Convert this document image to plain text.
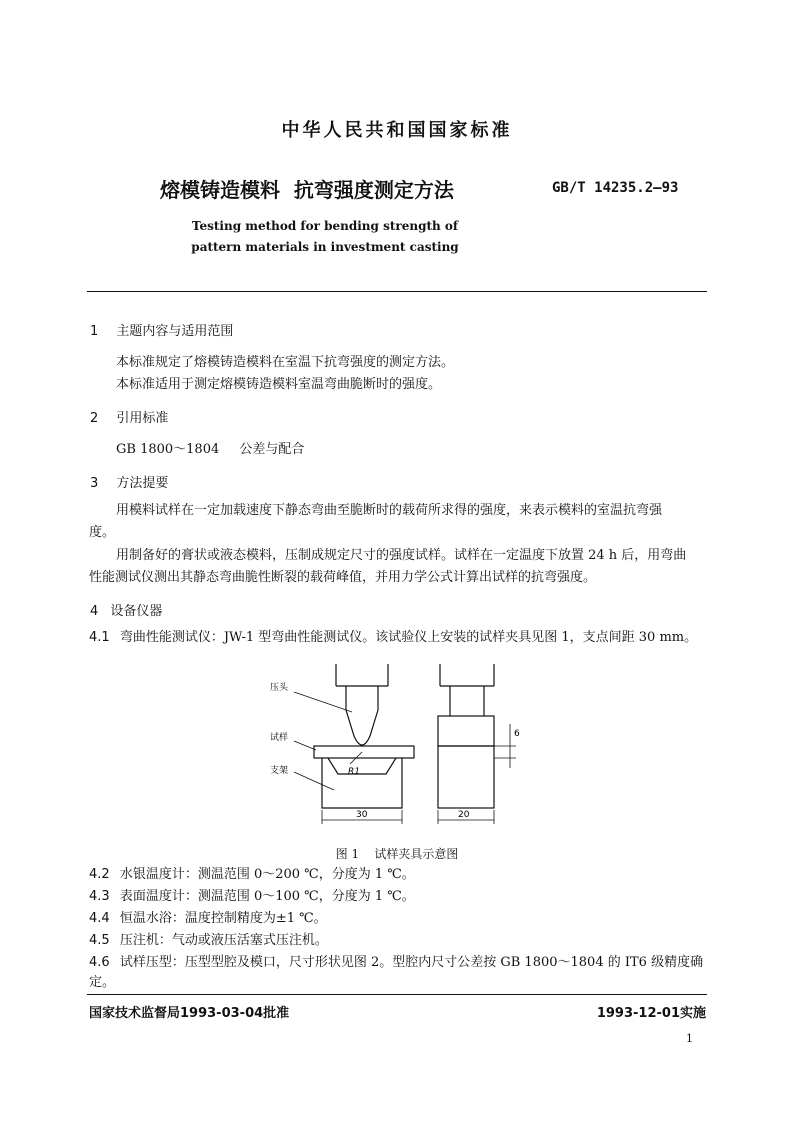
中华人民共和国国家标准
熔模铸造模料  抗弯强度测定方法	GB/T 14235.2—93
Testing method for bending strength of
pattern materials in investment casting
1 主题内容与适用范围
本标准规定了熔模铸造模料在室温下抗弯强度的测定方法。
本标准适用于测定熔模铸造模料室温弯曲脆断时的强度。
2 引用标准
GB 1800～1804 公差与配合
3 方法提要
用模料试样在一定加载速度下静态弯曲至脆断时的载荷所求得的强度，来表示模料的室温抗弯强
度。
用制备好的膏状或液态模料，压制成规定尺寸的强度试样。试样在一定温度下放置 24 h 后，用弯曲
性能测试仪测出其静态弯曲脆性断裂的载荷峰值，并用力学公式计算出试样的抗弯强度。
4 设备仪器
4.1 弯曲性能测试仪：JW-1 型弯曲性能测试仪。该试验仪上安装的试样夹具见图 1，支点间距 30 mm。
压头
试样
支架	R1
30	20
6
图 1    试样夹具示意图
4.2 水银温度计：测温范围 0～200 ℃，分度为 1 ℃。
4.3 表面温度计：测温范围 0～100 ℃，分度为 1 ℃。
4.4 恒温水浴：温度控制精度为±1 ℃。
4.5 压注机：气动或液压活塞式压注机。
4.6 试样压型：压型型腔及模口，尺寸形状见图 2。型腔内尺寸公差按 GB 1800～1804 的 IT6 级精度确
定。
国家技术监督局1993-03-04批准	1993-12-01实施
1
